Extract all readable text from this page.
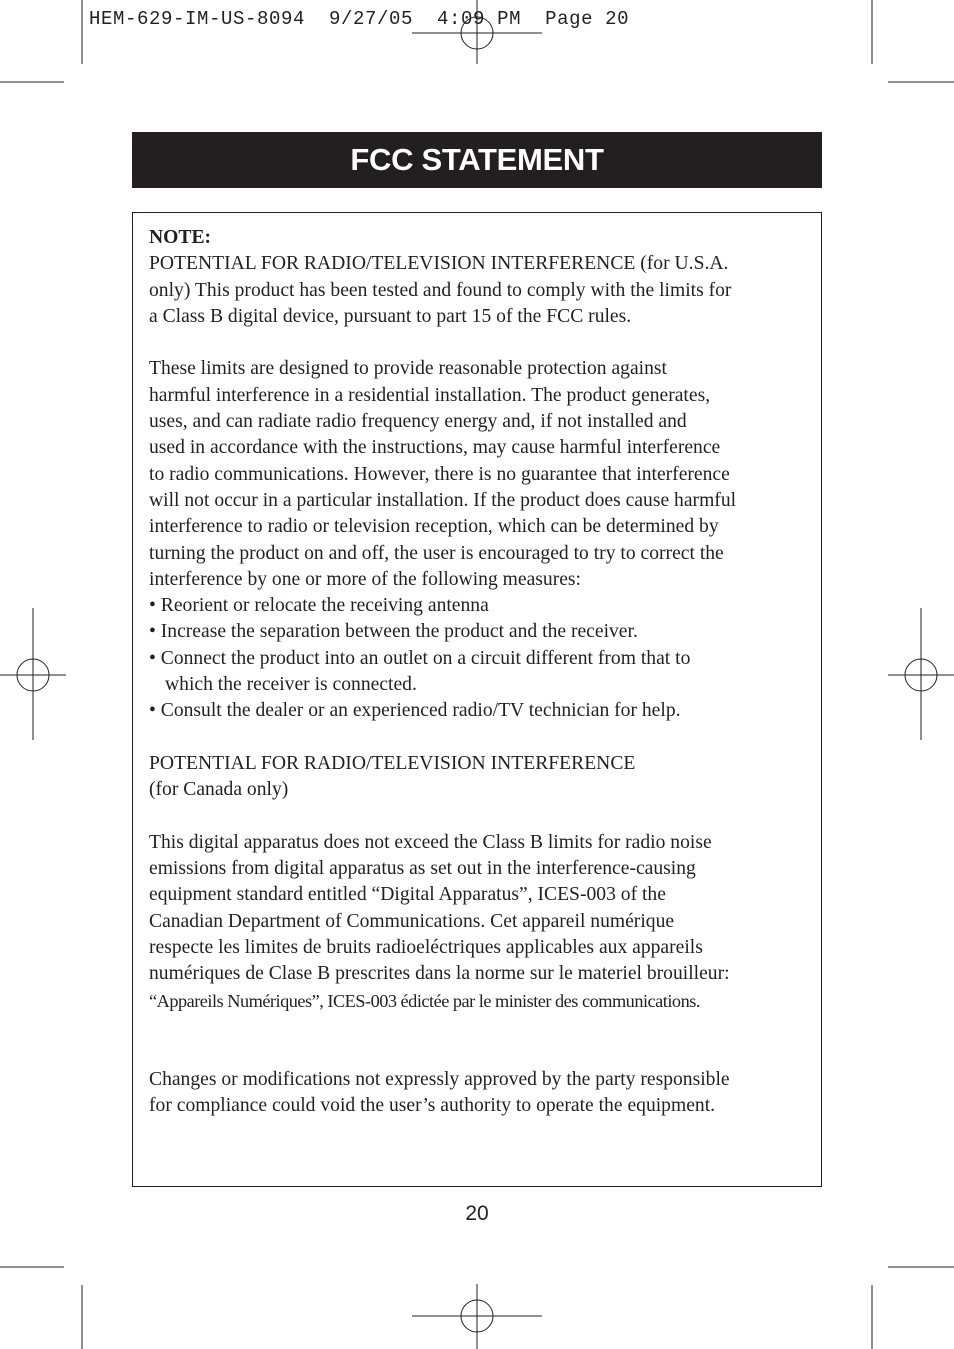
HEM-629-IM-US-8094  9/27/05  4:09 PM  Page 20
FCC STATEMENT
NOTE:
POTENTIAL FOR RADIO/TELEVISION INTERFERENCE (for U.S.A.
only) This product has been tested and found to comply with the limits for
a Class B digital device, pursuant to part 15 of the FCC rules.
These limits are designed to provide reasonable protection against
harmful interference in a residential installation. The product generates,
uses, and can radiate radio frequency energy and, if not installed and
used in accordance with the instructions, may cause harmful interference
to radio communications. However, there is no guarantee that interference
will not occur in a particular installation. If the product does cause harmful
interference to radio or television reception, which can be determined by
turning the product on and off, the user is encouraged to try to correct the
interference by one or more of the following measures:
• Reorient or relocate the receiving antenna
• Increase the separation between the product and the receiver.
• Connect the product into an outlet on a circuit different from that to
which the receiver is connected.
• Consult the dealer or an experienced radio/TV technician for help.
POTENTIAL FOR RADIO/TELEVISION INTERFERENCE
(for Canada only)
This digital apparatus does not exceed the Class B limits for radio noise
emissions from digital apparatus as set out in the interference-causing
equipment standard entitled “Digital Apparatus”, ICES-003 of the
Canadian Department of Communications. Cet appareil numérique
respecte les limites de bruits radioeléctriques applicables aux appareils
numériques de Clase B prescrites dans la norme sur le materiel brouilleur:
“Appareils Numériques”, ICES-003 édictée par le minister des communications.
Changes or modifications not expressly approved by the party responsible
for compliance could void the user’s authority to operate the equipment.
20
